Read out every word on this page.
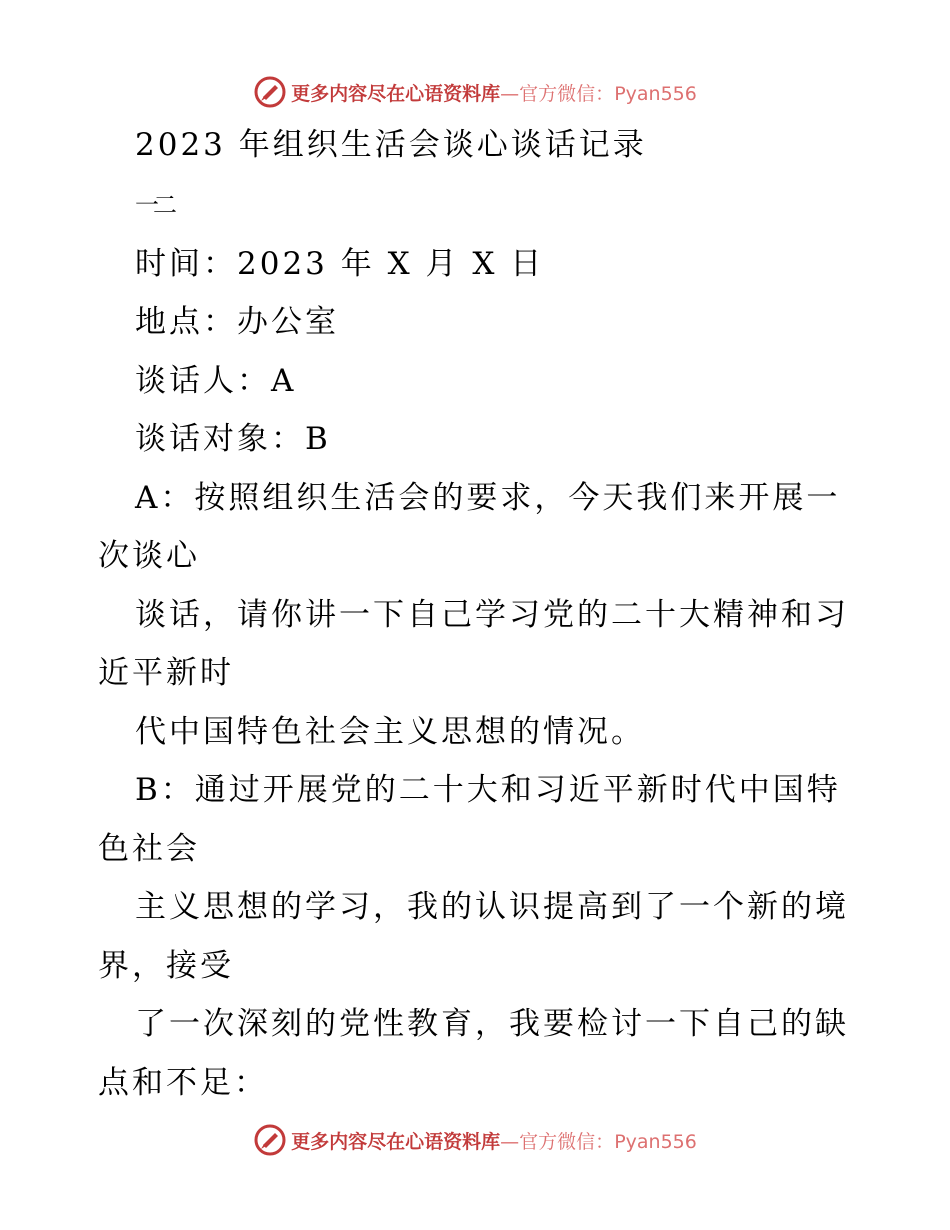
更多内容尽在心语资料库—官方微信：Pyan556
2023 年组织生活会谈心谈话记录
一二
时间：2023 年 X 月 X 日
地点：办公室
谈话人：A
谈话对象：B
A：按照组织生活会的要求，今天我们来开展一
次谈心
谈话，请你讲一下自己学习党的二十大精神和习
近平新时
代中国特色社会主义思想的情况。
B：通过开展党的二十大和习近平新时代中国特
色社会
主义思想的学习，我的认识提高到了一个新的境
界，接受
了一次深刻的党性教育，我要检讨一下自己的缺
点和不足：
更多内容尽在心语资料库—官方微信：Pyan556
